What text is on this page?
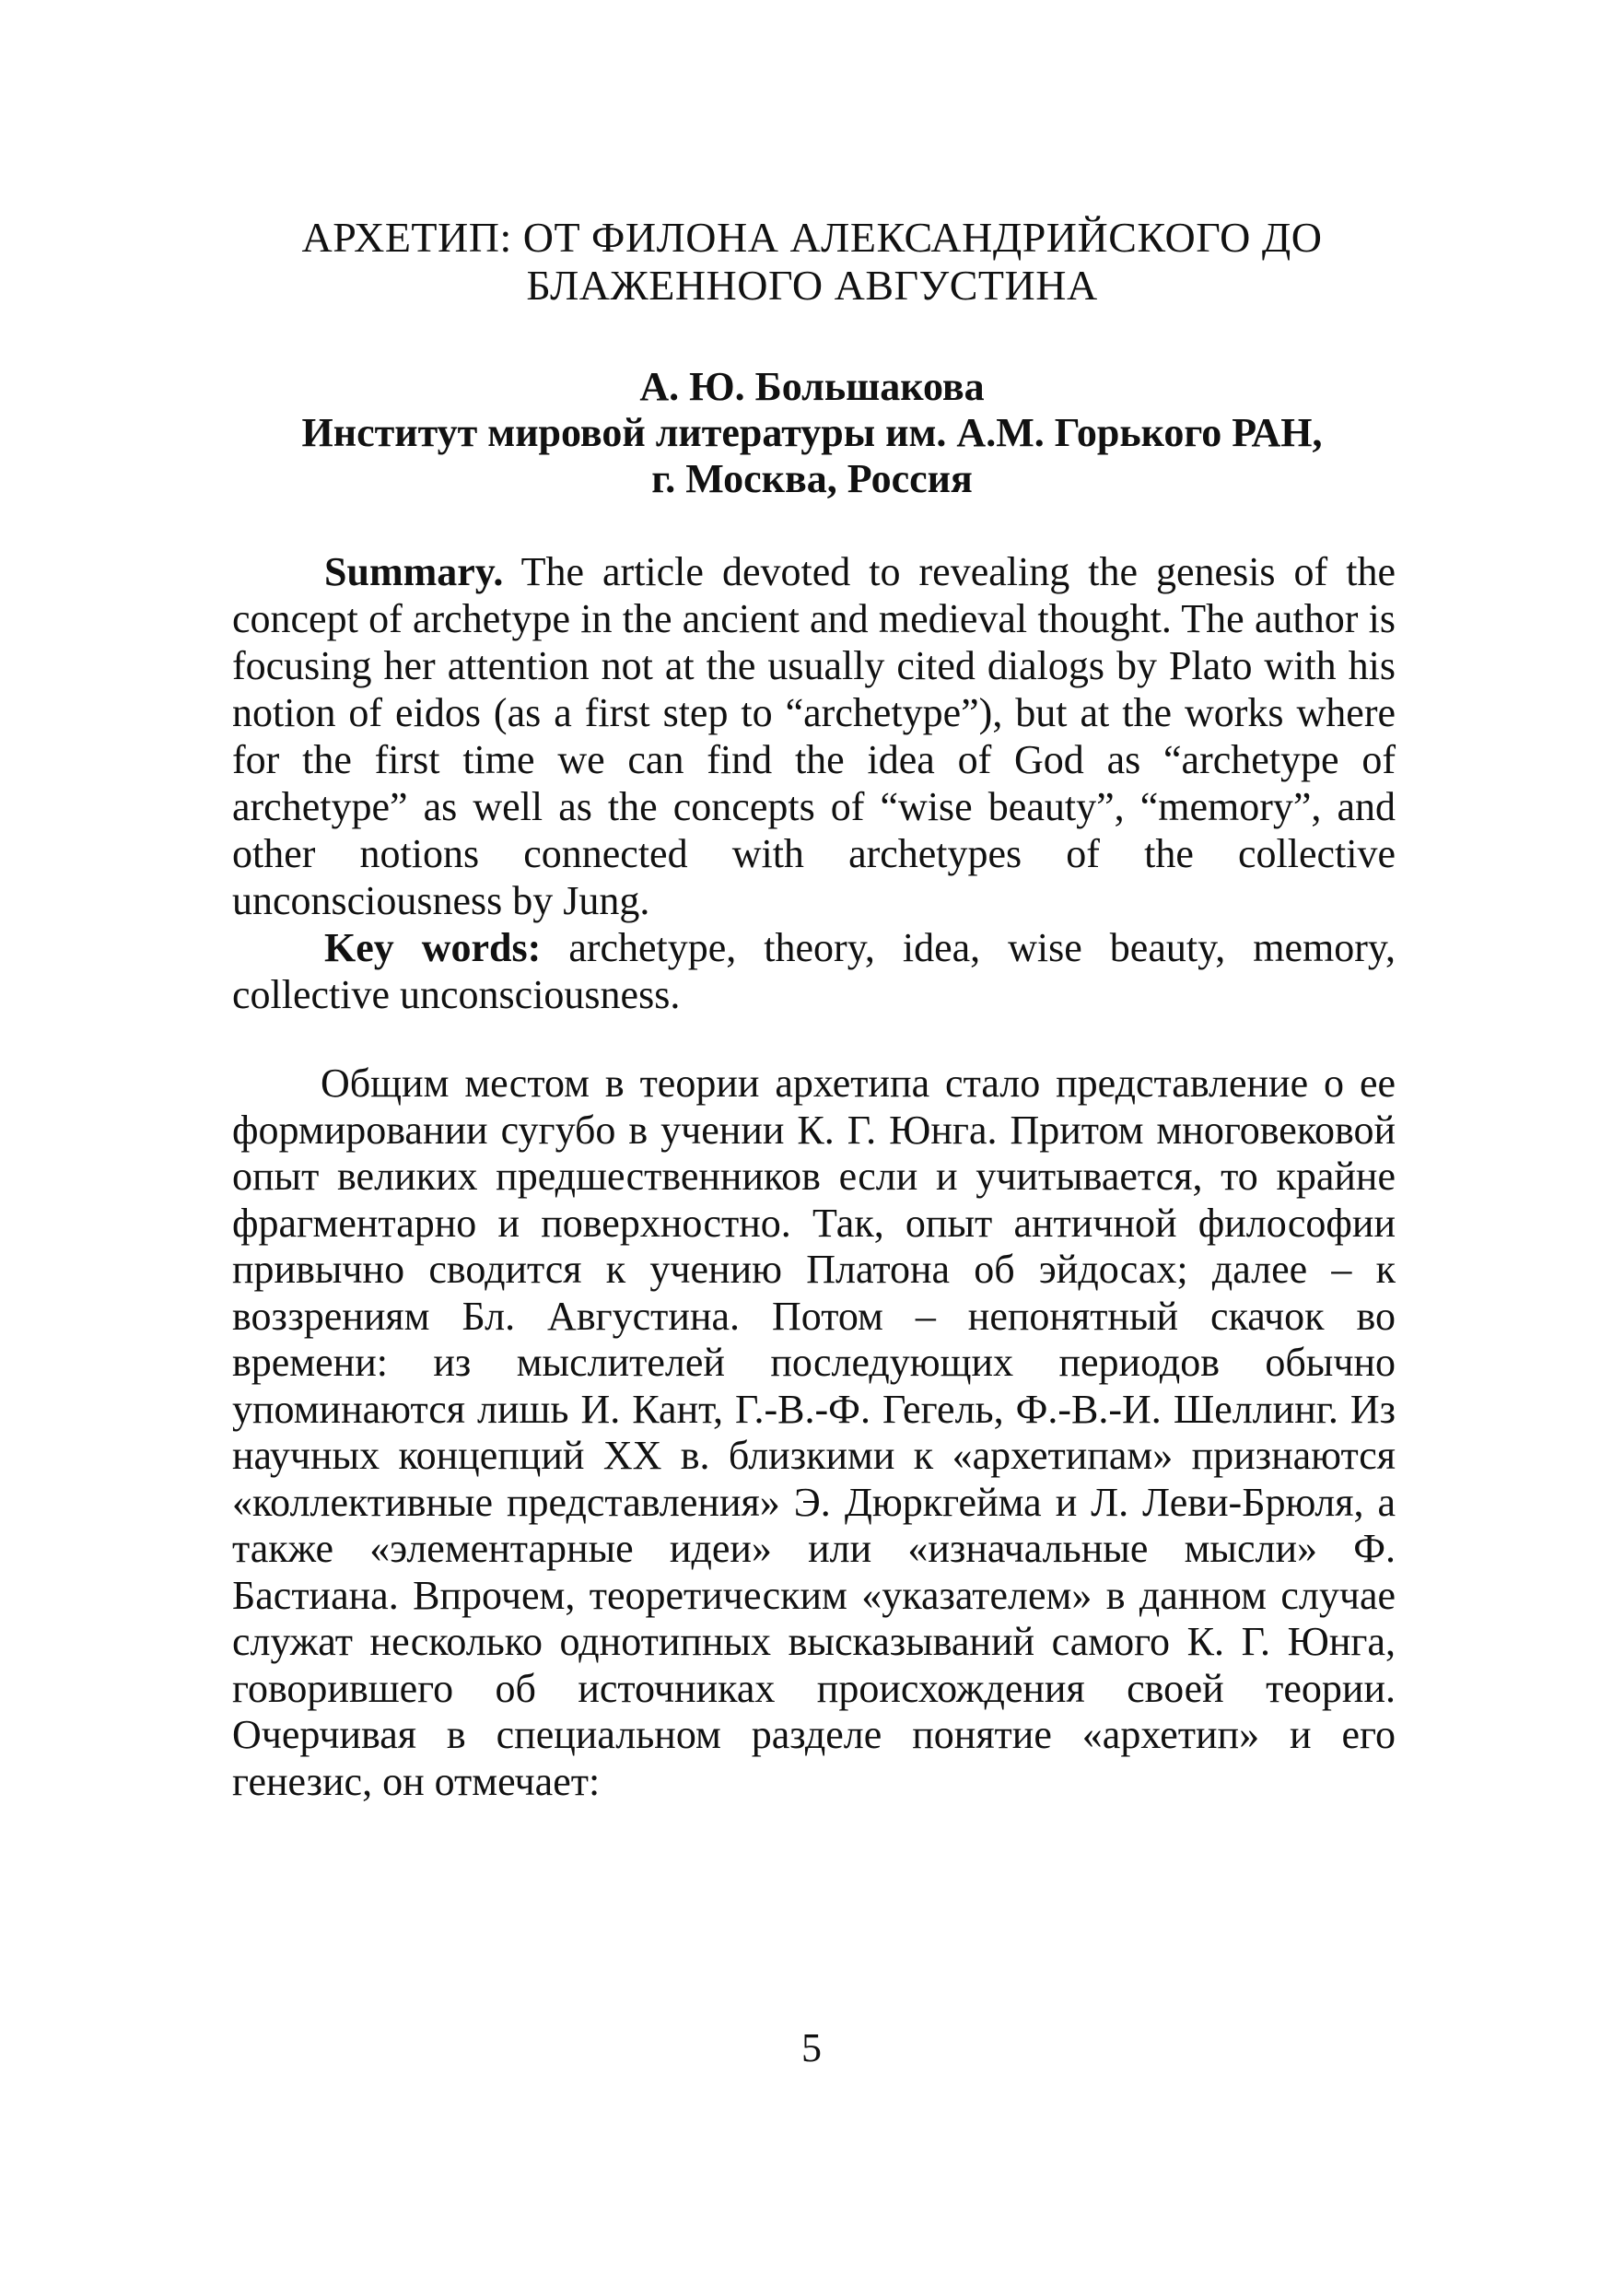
АРХЕТИП: ОТ ФИЛОНА АЛЕКСАНДРИЙСКОГО ДО
БЛАЖЕННОГО АВГУСТИНА
А. Ю. Большакова
Институт мировой литературы им. А.М. Горького РАН,
г. Москва, Россия

Summary. The article devoted to revealing the genesis of the concept of archetype in the ancient and medieval thought. The author is focusing her attention not at the usually cited dialogs by Plato with his notion of eidos (as a first step to “archetype”), but at the works where for the first time we can find the idea of God as “archetype of archetype” as well as the concepts of “wise beauty”, “memory”, and other notions connected with archetypes of the collective unconsciousness by Jung.

Key words: archetype, theory, idea, wise beauty, memory, collective unconsciousness.

Общим местом в теории архетипа стало представление о ее формировании сугубо в учении К. Г. Юнга. Притом многовековой опыт великих предшественников если и учитывается, то крайне фрагментарно и поверхностно. Так, опыт античной философии привычно сводится к учению Платона об эйдосах; далее – к воззрениям Бл. Августина. Потом – непонятный скачок во времени: из мыслителей последующих периодов обычно упоминаются лишь И. Кант, Г.-В.-Ф. Гегель, Ф.-В.-И. Шеллинг. Из научных концепций XX в. близкими к «архетипам» признаются «коллективные представления» Э. Дюркгейма и Л. Леви-Брюля, а также «элементарные идеи» или «изначальные мысли» Ф. Бастиана. Впрочем, теоретическим «указателем» в данном случае служат несколько однотипных высказываний самого К. Г. Юнга, говорившего об источниках происхождения своей теории. Очерчивая в специальном разделе понятие «архетип» и его генезис, он отмечает:

5
